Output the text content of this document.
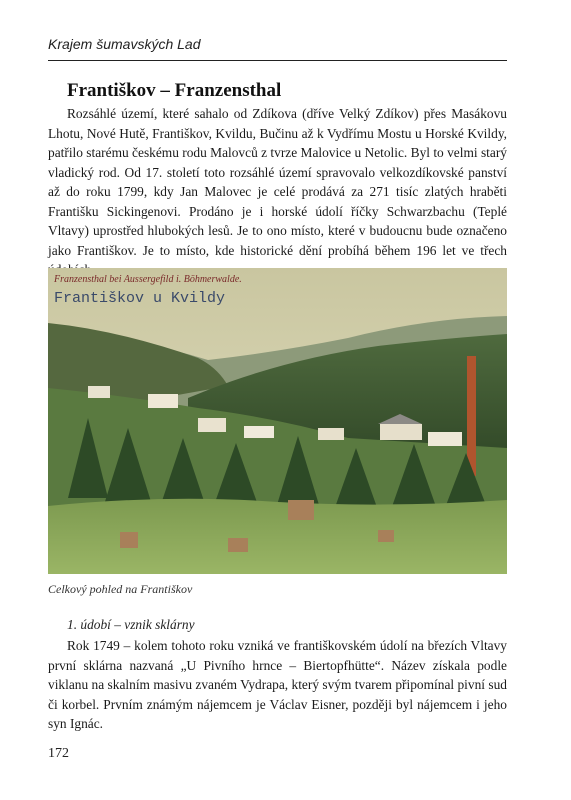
Krajem šumavských Lad
Františkov – Franzensthal

Rozsáhlé území, které sahalo od Zdíkova (dříve Velký Zdíkov) přes Masákovu Lhotu, Nové Hutě, Františkov, Kvildu, Bučinu až k Vydřímu Mostu u Horské Kvildy, patřilo starému českému rodu Malovců z tvrze Malovice u Netolic. Byl to velmi starý vladický rod. Od 17. století toto rozsáhlé území spravovalo velkozdíkovské panství až do roku 1799, kdy Jan Malovec je celé prodává za 271 tisíc zlatých hraběti Františku Sickingenovi. Prodáno je i horské údolí říčky Schwarzbachu (Teplé Vltavy) uprostřed hlubokých lesů. Je to ono místo, které v budoucnu bude označeno jako Františkov. Je to místo, kde historické dění probíhá během 196 let ve třech

Franzensthal bei Aussergefild i. Böhmerwalde.
Františkov u Kvildy
Celkový pohled na Františkov
1. údobí – vznik sklárny

Rok 1749 – kolem tohoto roku vzniká ve františkovském údolí na březích Vltavy první sklárna nazvaná „U Pivního hrnce – Biertopfhütte“. Název získala podle viklanu na skalním masivu zvaném Vydrapa, který svým tvarem připomínal pivní sud či korbel. Prvním známým nájemcem je Václav Eisner, později byl nájemcem i jeho syn Ignác.

172
